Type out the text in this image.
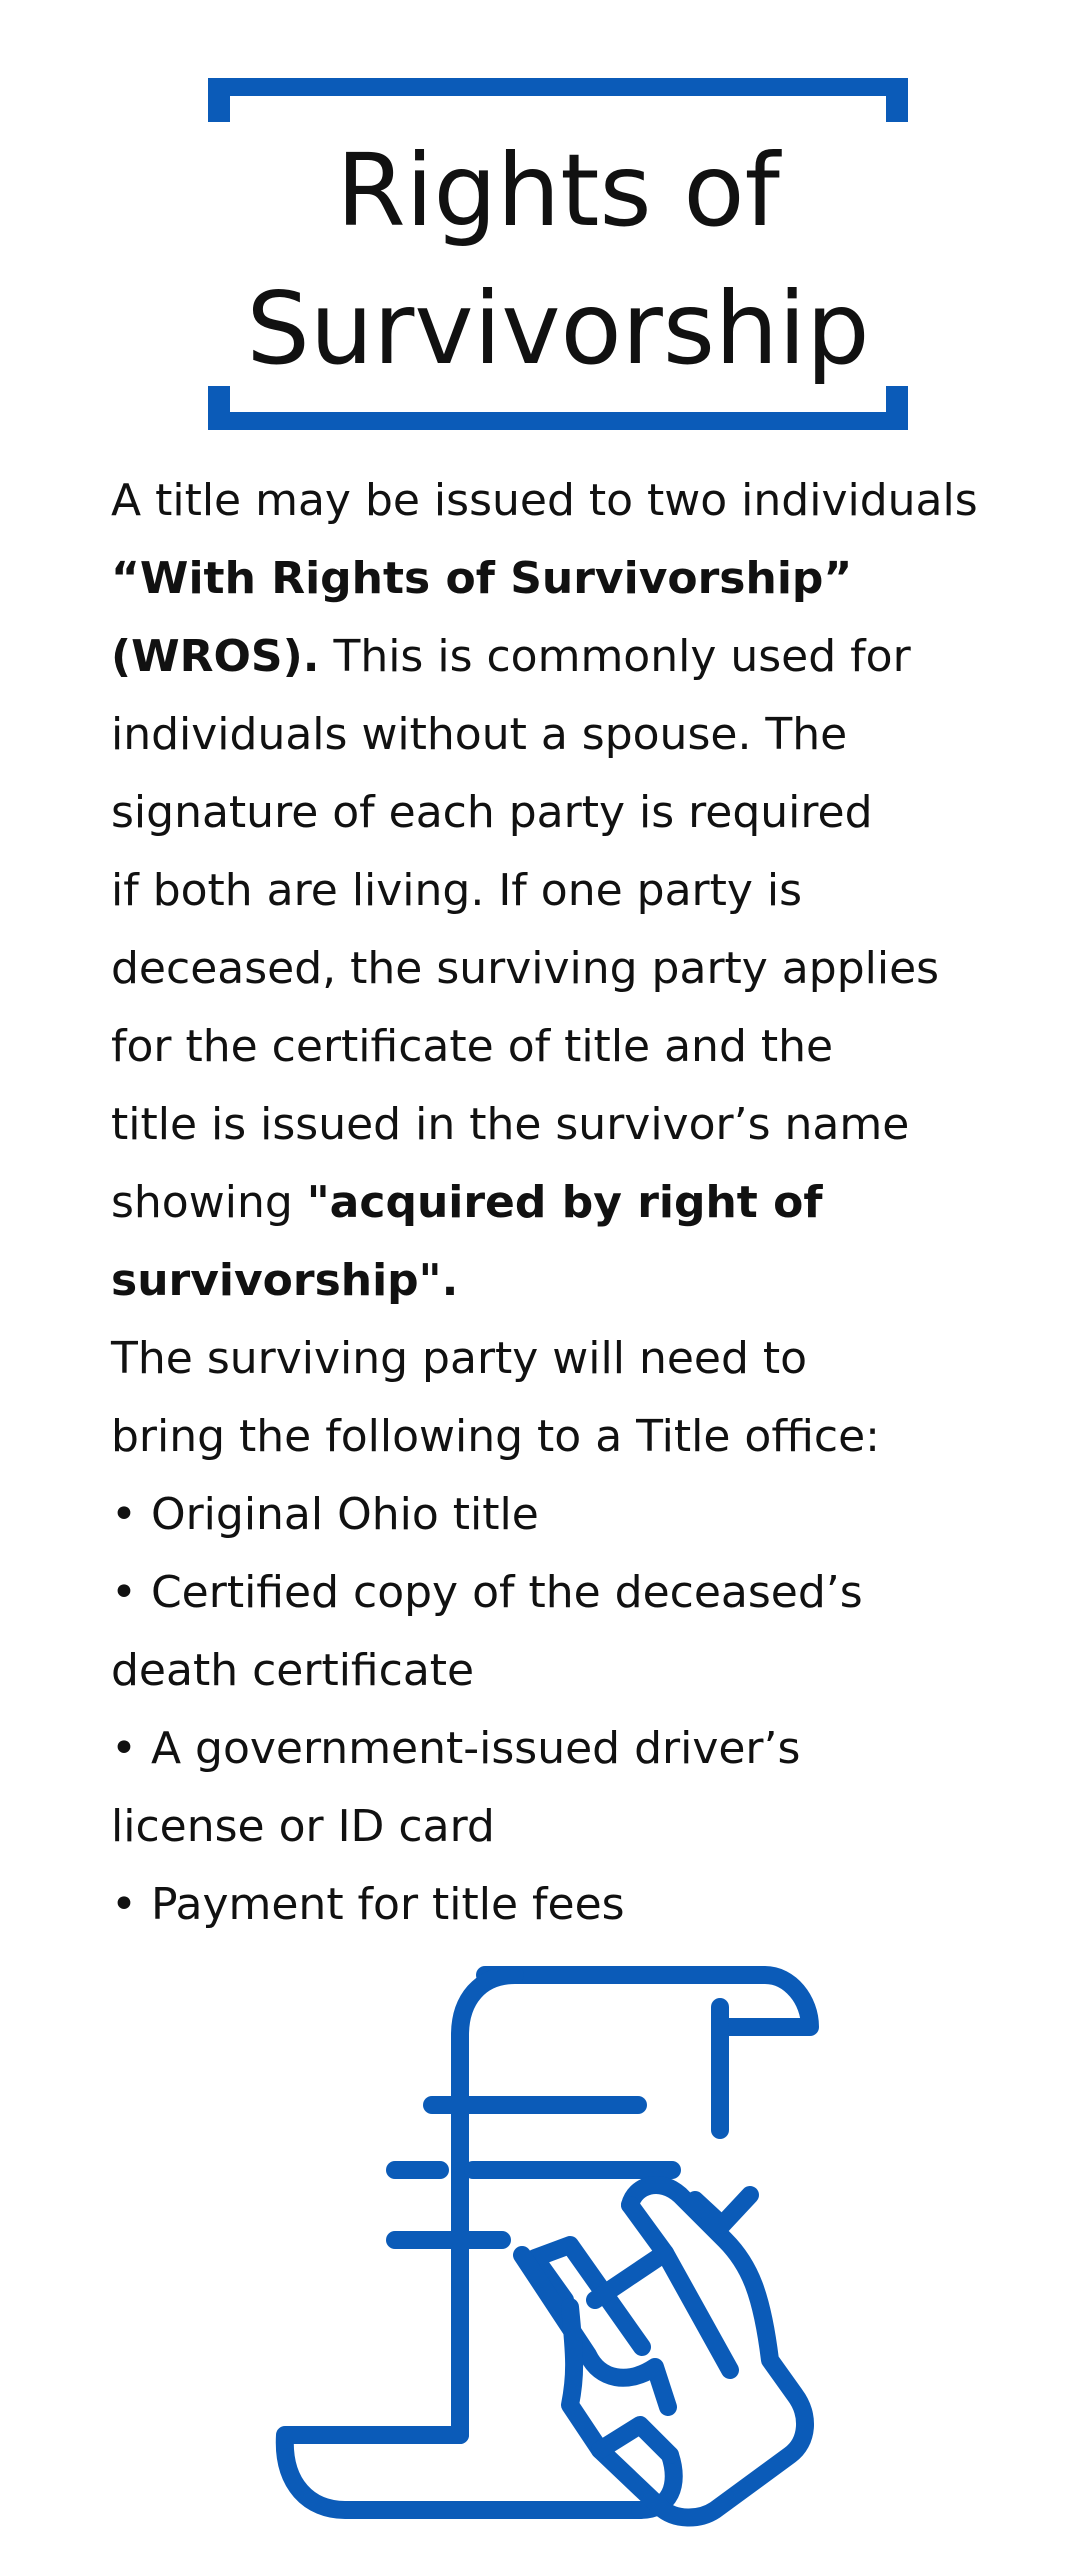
Rights of
Survivorship
A title may be issued to two individuals
“With Rights of Survivorship”
(WROS). This is commonly used for
individuals without a spouse. The
signature of each party is required
if both are living. If one party is
deceased, the surviving party applies
for the certificate of title and the
title is issued in the survivor’s name
showing "acquired by right of
survivorship".
The surviving party will need to
bring the following to a Title office:
• Original Ohio title
• Certified copy of the deceased’s
death certificate
• A government-issued driver’s
license or ID card
• Payment for title fees
